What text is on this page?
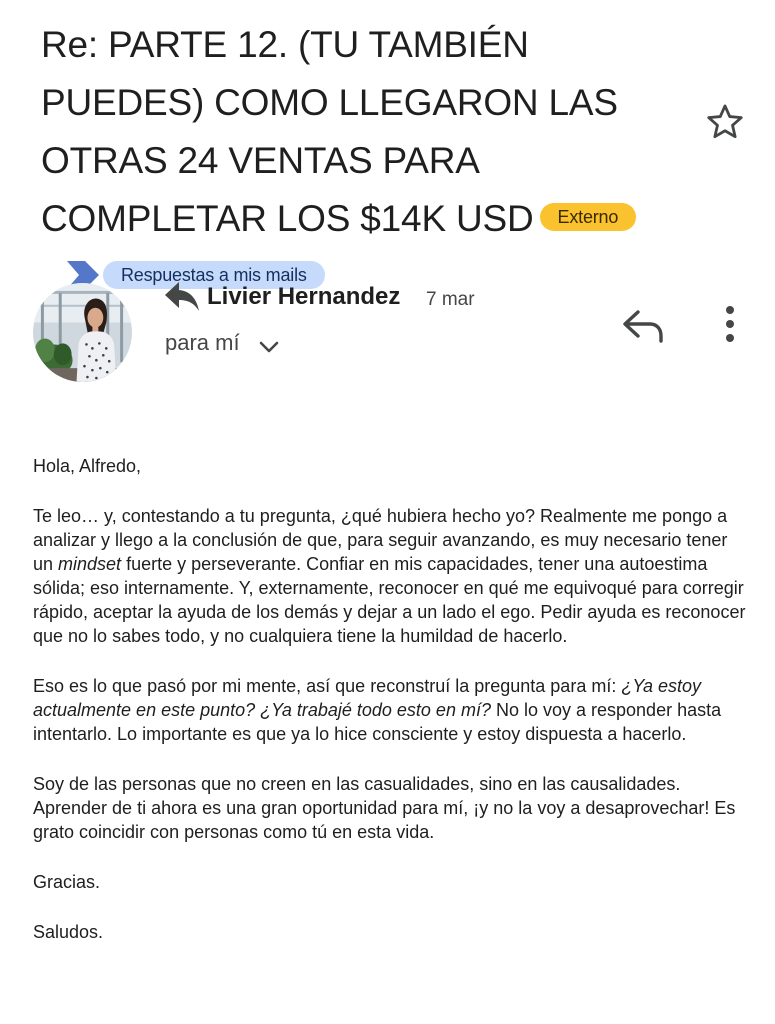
Re: PARTE 12. (TU TAMBIÉN PUEDES) COMO LLEGARON LAS OTRAS 24 VENTAS PARA COMPLETAR LOS $14K USD ExternoRespuestas a mis mails
Livier Hernandez 7 mar
para mí

Hola, Alfredo,

Te leo… y, contestando a tu pregunta, ¿qué hubiera hecho yo? Realmente me pongo a analizar y llego a la conclusión de que, para seguir avanzando, es muy necesario tener un mindset fuerte y perseverante. Confiar en mis capacidades, tener una autoestima sólida; eso internamente. Y, externamente, reconocer en qué me equivoqué para corregir rápido, aceptar la ayuda de los demás y dejar a un lado el ego. Pedir ayuda es reconocer que no lo sabes todo, y no cualquiera tiene la humildad de hacerlo.

Eso es lo que pasó por mi mente, así que reconstruí la pregunta para mí: ¿Ya estoy actualmente en este punto? ¿Ya trabajé todo esto en mí? No lo voy a responder hasta intentarlo. Lo importante es que ya lo hice consciente y estoy dispuesta a hacerlo.

Soy de las personas que no creen en las casualidades, sino en las causalidades. Aprender de ti ahora es una gran oportunidad para mí, ¡y no la voy a desaprovechar! Es grato coincidir con personas como tú en esta vida.

Gracias.

Saludos.
